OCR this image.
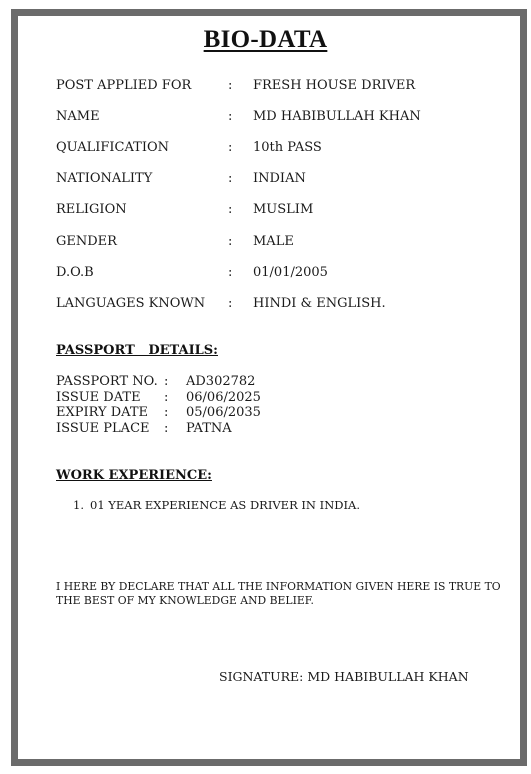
BIO-DATA
POST APPLIED FOR	: FRESH HOUSE DRIVER
NAME	: MD HABIBULLAH KHAN
QUALIFICATION	: 10th PASS
NATIONALITY	: INDIAN
RELIGION	: MUSLIM
GENDER	: MALE
D.O.B	: 01/01/2005
LANGUAGES KNOWN : HINDI & ENGLISH.
PASSPORT   DETAILS:
PASSPORT NO. : AD302782
ISSUE DATE : 06/06/2025
EXPIRY DATE : 05/06/2035
ISSUE PLACE : PATNA
WORK EXPERIENCE:
1. 01 YEAR EXPERIENCE AS DRIVER IN INDIA.
I HERE BY DECLARE THAT ALL THE INFORMATION GIVEN HERE IS TRUE TO
THE BEST OF MY KNOWLEDGE AND BELIEF.
SIGNATURE: MD HABIBULLAH KHAN
